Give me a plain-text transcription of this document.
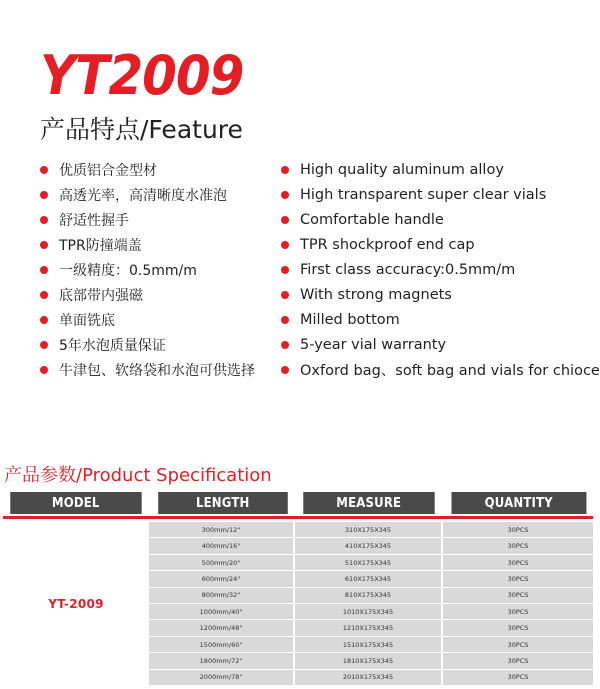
YT2009
产品特点/Feature
优质铝合金型材
高透光率，高清晰度水准泡
舒适性握手
TPR防撞端盖
一级精度：0.5mm/m
底部带内强磁
单面铣底
5年水泡质量保证
牛津包、软络袋和水泡可供选择
High quality aluminum alloy
High transparent super clear vials
Comfortable handle
TPR shockproof end cap
First class accuracy:0.5mm/m
With strong magnets
Milled bottom
5-year vial warranty
Oxford bag、soft bag and vials for chioce
产品参数/Product Specification
MODEL	LENGTH	MEASURE	QUANTITY
YT-2009
300mm/12"	310X175X345	30PCS
400mm/16"	410X175X345	30PCS
500mm/20"	510X175X345	30PCS
600mm/24"	610X175X345	30PCS
800mm/32"	810X175X345	30PCS
1000mm/40"	1010X175X345	30PCS
1200mm/48"	1210X175X345	30PCS
1500mm/60"	1510X175X345	30PCS
1800mm/72"	1810X175X345	30PCS
2000mm/78"	2010X175X345	30PCS
